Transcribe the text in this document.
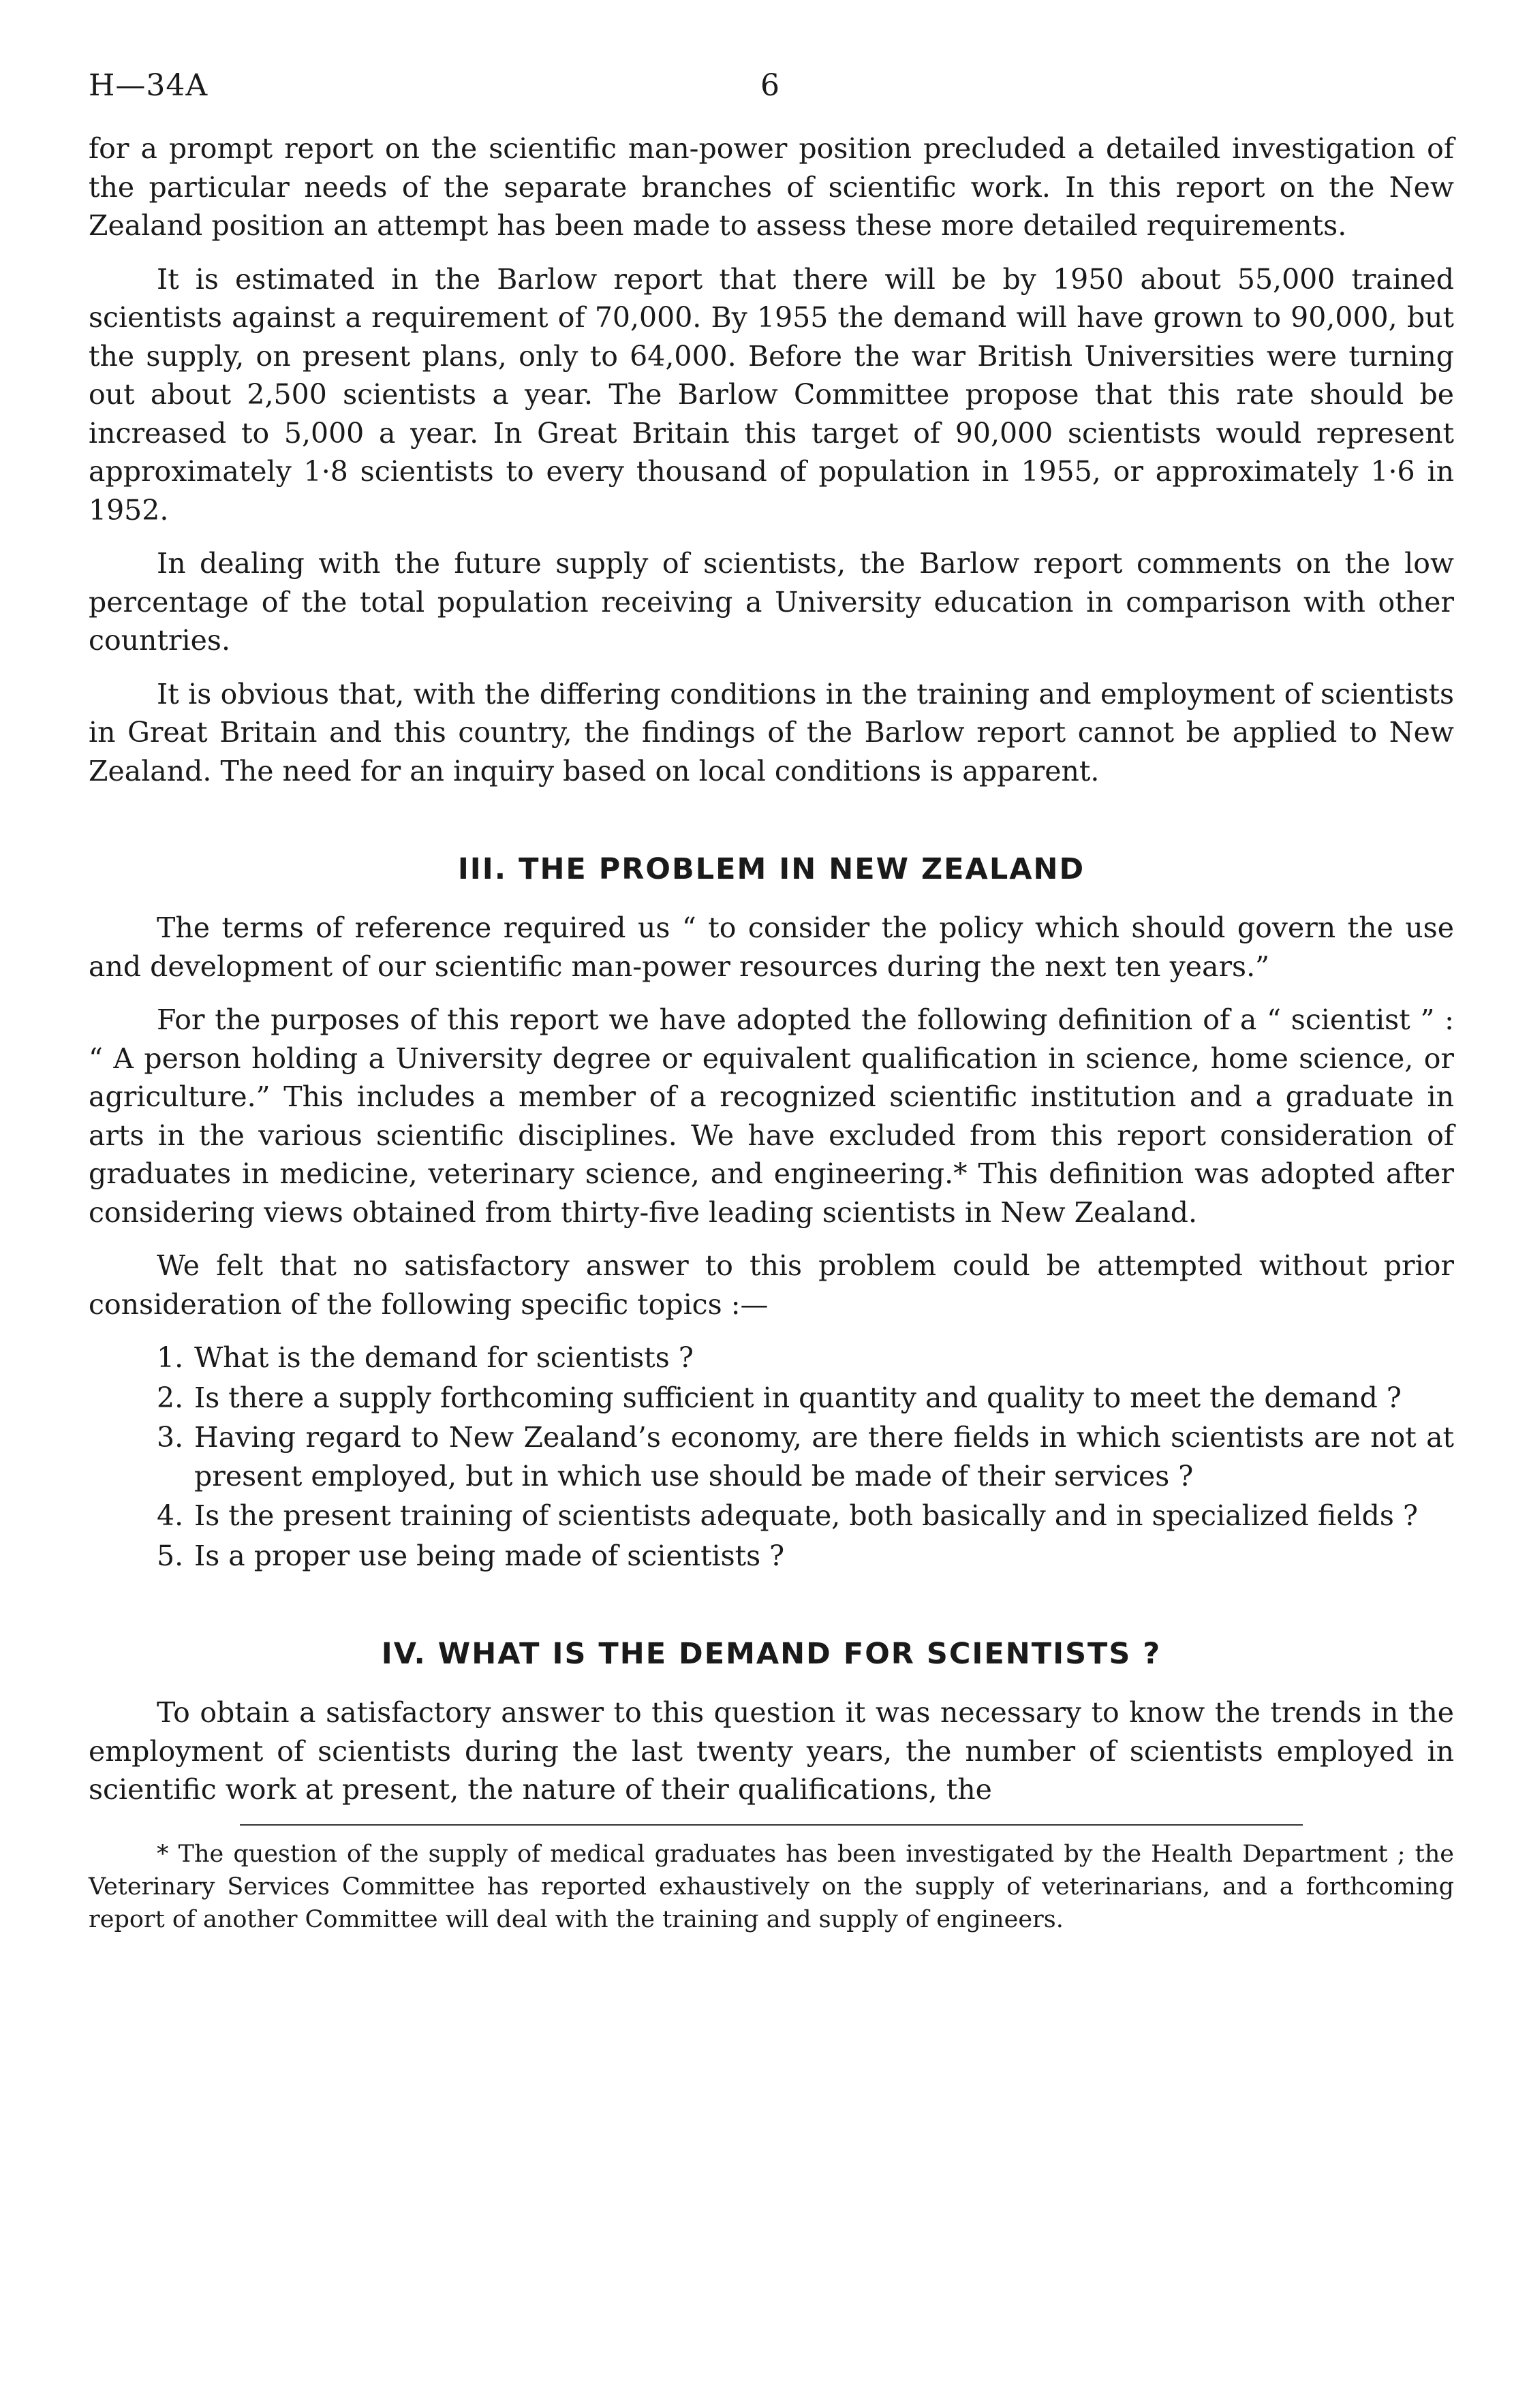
H—34A	6

for a prompt report on the scientific man-power position precluded a detailed investigation of the particular needs of the separate branches of scientific work. In this report on the New Zealand position an attempt has been made to assess these more detailed requirements.

It is estimated in the Barlow report that there will be by 1950 about 55,000 trained scientists against a requirement of 70,000. By 1955 the demand will have grown to 90,000, but the supply, on present plans, only to 64,000. Before the war British Universities were turning out about 2,500 scientists a year. The Barlow Committee propose that this rate should be increased to 5,000 a year. In Great Britain this target of 90,000 scientists would represent approximately 1·8 scientists to every thousand of population in 1955, or approximately 1·6 in 1952.

In dealing with the future supply of scientists, the Barlow report comments on the low percentage of the total population receiving a University education in comparison with other countries.

It is obvious that, with the differing conditions in the training and employment of scientists in Great Britain and this country, the findings of the Barlow report cannot be applied to New Zealand. The need for an inquiry based on local conditions is apparent.

III. THE PROBLEM IN NEW ZEALAND

The terms of reference required us “ to consider the policy which should govern the use and development of our scientific man-power resources during the next ten years.”

For the purposes of this report we have adopted the following definition of a “ scientist ” : “ A person holding a University degree or equivalent qualification in science, home science, or agriculture.” This includes a member of a recognized scientific institution and a graduate in arts in the various scientific disciplines. We have excluded from this report consideration of graduates in medicine, veterinary science, and engineering.* This definition was adopted after considering views obtained from thirty-five leading scientists in New Zealand.

We felt that no satisfactory answer to this problem could be attempted without prior consideration of the following specific topics :—

1. What is the demand for scientists ?
2. Is there a supply forthcoming sufficient in quantity and quality to meet the demand ?
3. Having regard to New Zealand’s economy, are there fields in which scientists are not at present employed, but in which use should be made of their services ?
4. Is the present training of scientists adequate, both basically and in specialized fields ?
5. Is a proper use being made of scientists ?
IV. WHAT IS THE DEMAND FOR SCIENTISTS ?

To obtain a satisfactory answer to this question it was necessary to know the trends in the employment of scientists during the last twenty years, the number of scientists employed in scientific work at present, the nature of their qualifications, the

* The question of the supply of medical graduates has been investigated by the Health Department ; the Veterinary Services Committee has reported exhaustively on the supply of veterinarians, and a forthcoming report of another Committee will deal with the training and supply of engineers.
